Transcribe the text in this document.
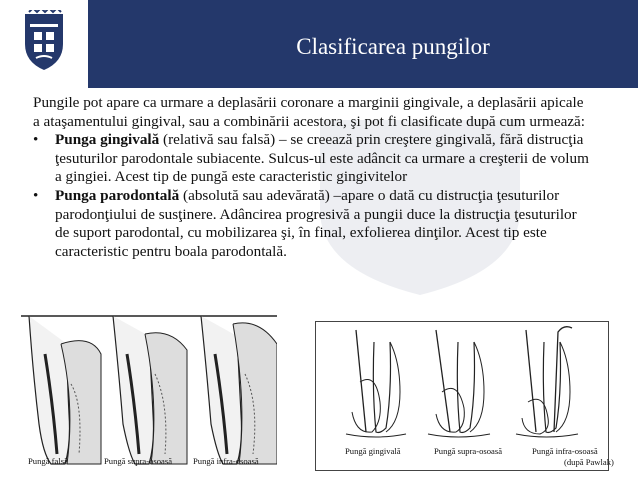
Clasificarea pungilor

Pungile pot apare ca urmare a deplasării coronare a marginii gingivale, a deplasării apicale a ataşamentului gingival, sau a combinării acestora, şi pot fi clasificate după cum urmează:

• Punga gingivală (relativă sau falsă) – se creează prin creştere gingivală, fără distrucţia ţesuturilor parodontale subiacente. Sulcus-ul este adâncit ca urmare a creşterii de volum a gingiei. Acest tip de pungă este caracteristic gingivitelor
• Punga parodontală (absolută sau adevărată) –apare o dată cu distrucţia ţesuturilor parodonţiului de susţinere. Adâncirea progresivă a pungii duce la distrucţia ţesuturilor de suport parodontal, cu mobilizarea şi, în final, exfolierea dinţilor. Acest tip este caracteristic pentru boala parodontală.
Pungă falsă	Pungă supra-osoasă Pungă infra-osoasă
Pungă gingivală	Pungă supra-osoasă	Pungă infra-osoasă
(după Pawlak)
